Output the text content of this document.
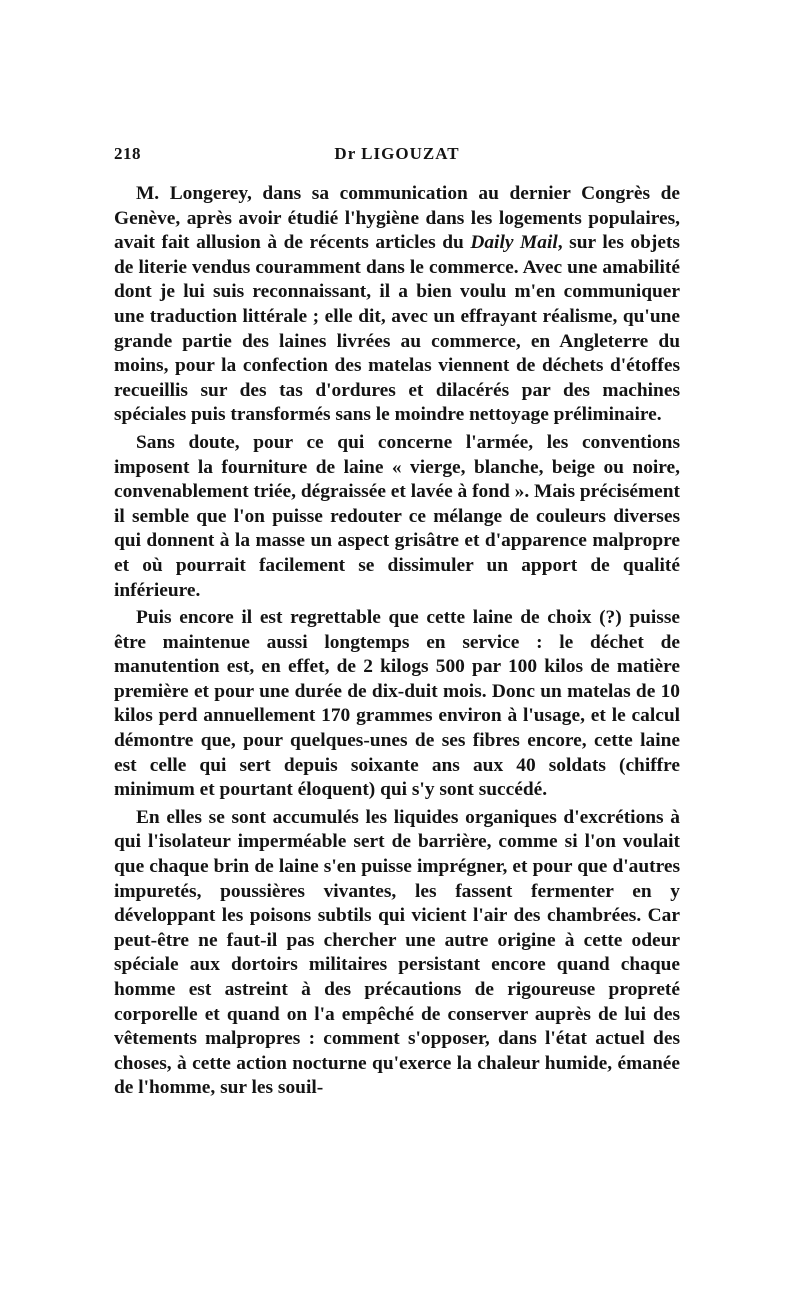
218	Dr LIGOUZAT

M. Longerey, dans sa communication au dernier Congrès de Genève, après avoir étudié l'hygiène dans les logements populaires, avait fait allusion à de récents articles du Daily Mail, sur les objets de literie vendus couramment dans le commerce. Avec une amabilité dont je lui suis reconnaissant, il a bien voulu m'en communiquer une traduction littérale ; elle dit, avec un effrayant réalisme, qu'une grande partie des laines livrées au commerce, en Angleterre du moins, pour la confection des matelas viennent de déchets d'étoffes recueillis sur des tas d'ordures et dilacérés par des machines spéciales puis transformés sans le moindre nettoyage préliminaire.

Sans doute, pour ce qui concerne l'armée, les conventions imposent la fourniture de laine « vierge, blanche, beige ou noire, convenablement triée, dégraissée et lavée à fond ». Mais précisément il semble que l'on puisse redouter ce mélange de couleurs diverses qui donnent à la masse un aspect grisâtre et d'apparence malpropre et où pourrait facilement se dissimuler un apport de qualité inférieure.

Puis encore il est regrettable que cette laine de choix (?) puisse être maintenue aussi longtemps en service : le déchet de manutention est, en effet, de 2 kilogs 500 par 100 kilos de matière première et pour une durée de dix-duit mois. Donc un matelas de 10 kilos perd annuellement 170 grammes environ à l'usage, et le calcul démontre que, pour quelques-unes de ses fibres encore, cette laine est celle qui sert depuis soixante ans aux 40 soldats (chiffre minimum et pourtant éloquent) qui s'y sont succédé.

En elles se sont accumulés les liquides organiques d'excrétions à qui l'isolateur imperméable sert de barrière, comme si l'on voulait que chaque brin de laine s'en puisse imprégner, et pour que d'autres impuretés, poussières vivantes, les fassent fermenter en y développant les poisons subtils qui vicient l'air des chambrées. Car peut-être ne faut-il pas chercher une autre origine à cette odeur spéciale aux dortoirs militaires persistant encore quand chaque homme est astreint à des précautions de rigoureuse propreté corporelle et quand on l'a empêché de conserver auprès de lui des vêtements malpropres : comment s'opposer, dans l'état actuel des choses, à cette action nocturne qu'exerce la chaleur humide, émanée de l'homme, sur les souil-
